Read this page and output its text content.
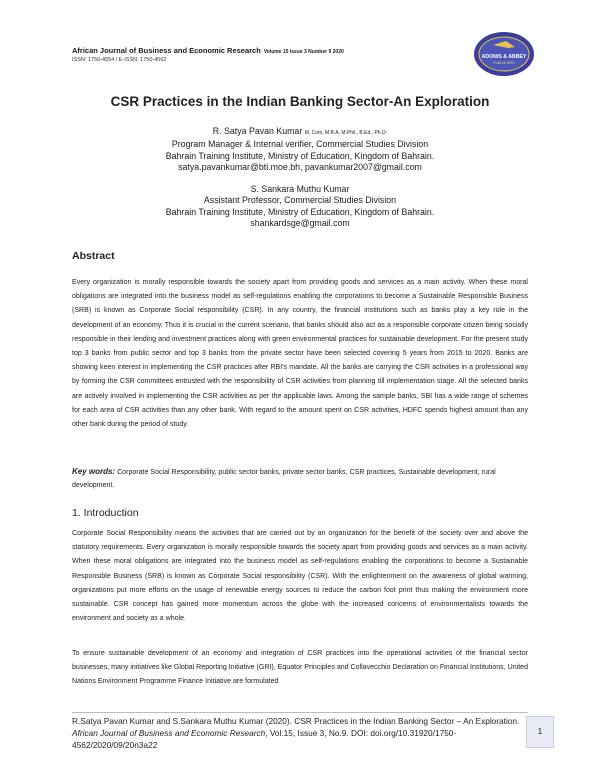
African Journal of Business and Economic Research Volume 15 Issue 3 Number 9 2020
ISSN: 1750-4554 / E-ISSN: 1750-4562	ADONIS & ABBEY
PUBLISHERS
CSR Practices in the Indian Banking Sector-An Exploration
R. Satya Pavan Kumar M. Com, M.B.A, M.Phil., B.Ed., Ph.D-
Program Manager & Internal verifier, Commercial Studies Division
Bahrain Training Institute, Ministry of Education, Kingdom of Bahrain.
satya.pavankumar@bti.moe.bh, pavankumar2007@gmail.com
S. Sankara Muthu Kumar
Assistant Professor, Commercial Studies Division
Bahrain Training Institute, Ministry of Education, Kingdom of Bahrain.
shankardsge@gmail.com
Abstract

Every organization is morally responsible towards the society apart from providing goods and services as a main activity. When these moral obligations are integrated into the business model as self-regulations enabling the corporations to become a Sustainable Responsible Business (SRB) is known as Corporate Social responsibility (CSR). In any country, the financial institutions such as banks play a key role in the development of an economy. Thus it is crucial in the current scenario, that banks should also act as a responsible corporate citizen being socially responsible in their lending and investment practices along with green environmental practices for sustainable development. For the present study top 3 banks from public sector and top 3 banks from the private sector have been selected covering 5 years from 2015 to 2020. Banks are showing keen interest in implementing the CSR practices after RBI's mandate. All the banks are carrying the CSR activities in a professional way by forming the CSR committees entrusted with the responsibility of CSR activities from planning till implementation stage. All the selected banks are actively involved in implementing the CSR activities as per the applicable laws. Among the sample banks, SBI has a wide range of schemes for each area of CSR activities than any other bank. With regard to the amount spent on CSR activities, HDFC spends highest amount than any other bank during the period of study.

Key words: Corporate Social Responsibility, public sector banks, private sector banks, CSR practices, Sustainable development, rural development.
1. Introduction

Corporate Social Responsibility means the activities that are carried out by an organization for the benefit of the society over and above the statutory requirements. Every organization is morally responsible towards the society apart from providing goods and services as a main activity. When these moral obligations are integrated into the business model as self-regulations enabling the corporations to become a Sustainable Responsible Business (SRB) is known as Corporate Social responsibility (CSR). With the enlightenment on the awareness of global warming, organizations put more efforts on the usage of renewable energy sources to reduce the carbon foot print thus making the environment more sustainable. CSR concept has gained more momentum across the globe with the increased concerns of environmentalists towards the environment and society as a whole.

To ensure sustainable development of an economy and integration of CSR practices into the operational activities of the financial sector businesses, many initiatives like Global Reporting Initiative (GRI), Equator Principles and Collavecchio Declaration on Financial Institutions, United Nations Environment Programme Finance Initiative are formulated

R.Satya Pavan Kumar and S.Sankara Muthu Kumar (2020). CSR Practices in the Indian Banking Sector – An Exploration. African Journal of Business and Economic Research, Vol.15, Issue 3, No.9. DOI: doi.org/10.31920/1750-4562/2020/09/20n3a22
1
